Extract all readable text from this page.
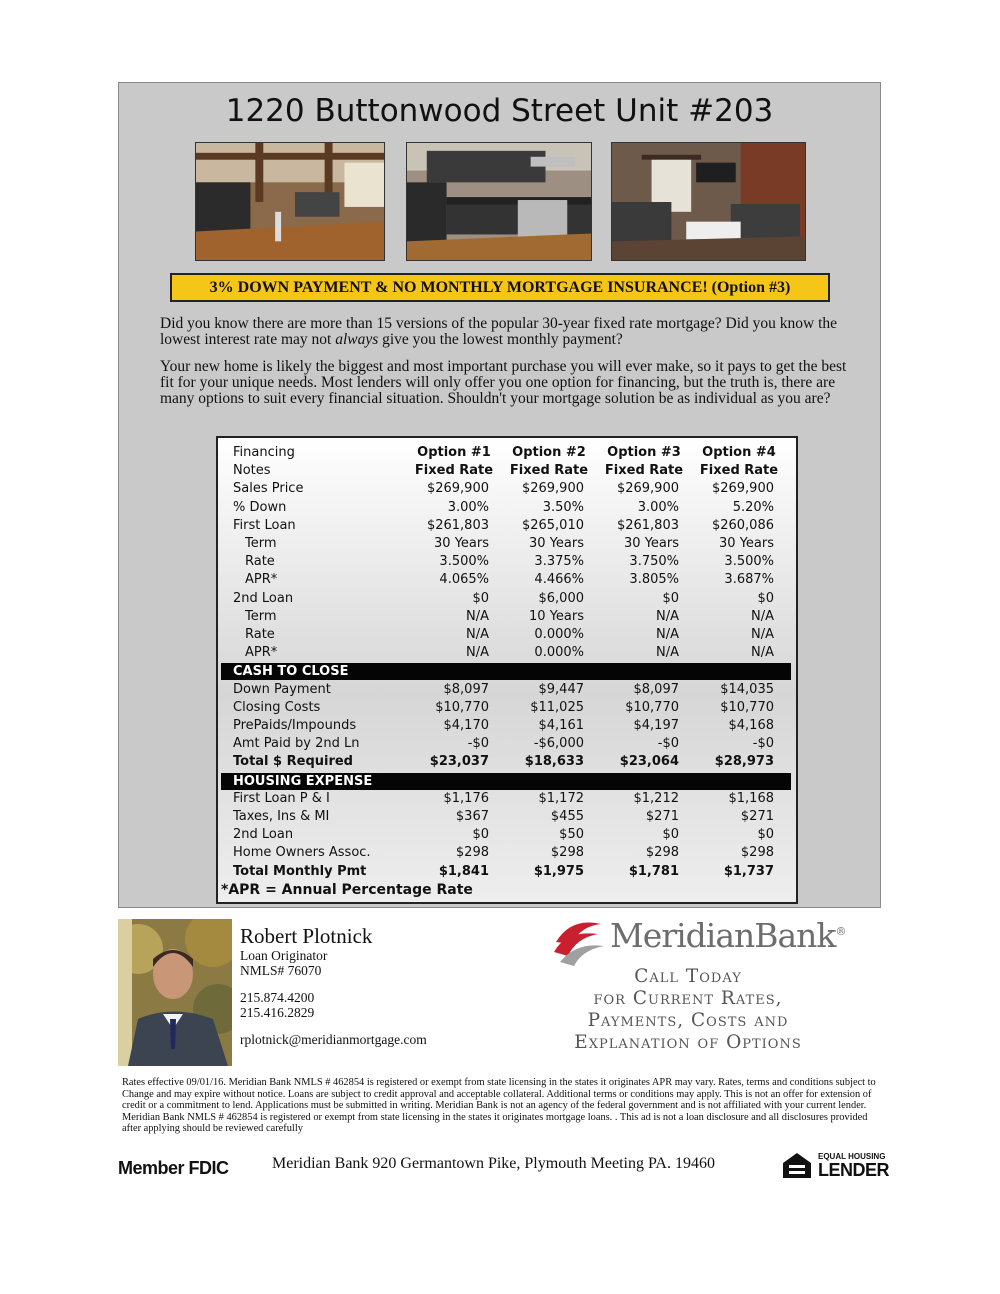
1220 Buttonwood Street Unit #203
3% DOWN PAYMENT & NO MONTHLY MORTGAGE INSURANCE! (Option #3)

Did you know there are more than 15 versions of the popular 30-year fixed rate mortgage? Did you know the lowest interest rate may not always give you the lowest monthly payment?

Your new home is likely the biggest and most important purchase you will ever make, so it pays to get the best fit for your unique needs. Most lenders will only offer you one option for financing, but the truth is, there are many options to suit every financial situation. Shouldn't your mortgage solution be as individual as you are?

Financing	Option #1	Option #2	Option #3	Option #4
Notes	Fixed Rate	Fixed Rate	Fixed Rate	Fixed Rate
Sales Price	$269,900	$269,900	$269,900	$269,900
% Down	3.00%	3.50%	3.00%	5.20%
First Loan	$261,803	$265,010	$261,803	$260,086
Term	30 Years	30 Years	30 Years	30 Years
Rate	3.500%	3.375%	3.750%	3.500%
APR*	4.065%	4.466%	3.805%	3.687%
2nd Loan	$0	$6,000	$0	$0
Term	N/A	10 Years	N/A	N/A
Rate	N/A	0.000%	N/A	N/A
APR*	N/A	0.000%	N/A	N/A
CASH TO CLOSE
Down Payment	$8,097	$9,447	$8,097	$14,035
Closing Costs	$10,770	$11,025	$10,770	$10,770
PrePaids/Impounds	$4,170	$4,161	$4,197	$4,168
Amt Paid by 2nd Ln	-$0	-$6,000	-$0	-$0
Total $ Required	$23,037	$18,633	$23,064	$28,973
HOUSING EXPENSE
First Loan P & I	$1,176	$1,172	$1,212	$1,168
Taxes, Ins & MI	$367	$455	$271	$271
2nd Loan	$0	$50	$0	$0
Home Owners Assoc.	$298	$298	$298	$298
Total Monthly Pmt	$1,841	$1,975	$1,781	$1,737
*APR = Annual Percentage Rate
Robert Plotnick
Loan Originator
NMLS# 76070
215.874.4200
215.416.2829
rplotnick@meridianmortgage.com
MeridianBank®
Call Today
for Current Rates,
Payments, Costs and
Explanation of Options
Rates effective 09/01/16. Meridian Bank NMLS # 462854 is registered or exempt from state licensing in the states it originates APR may vary. Rates, terms and conditions subject to Change and may expire without notice. Loans are subject to credit approval and acceptable collateral. Additional terms or conditions may apply. This is not an offer for extension of credit or a commitment to lend. Applications must be submitted in writing. Meridian Bank is not an agency of the federal government and is not affiliated with your current lender. Meridian Bank NMLS # 462854 is registered or exempt from state licensing in the states it originates mortgage loans. . This ad is not a loan disclosure and all disclosures provided after applying should be reviewed carefully
Member FDIC	Meridian Bank 920 Germantown Pike, Plymouth Meeting PA. 19460	EQUAL HOUSING
LENDER
